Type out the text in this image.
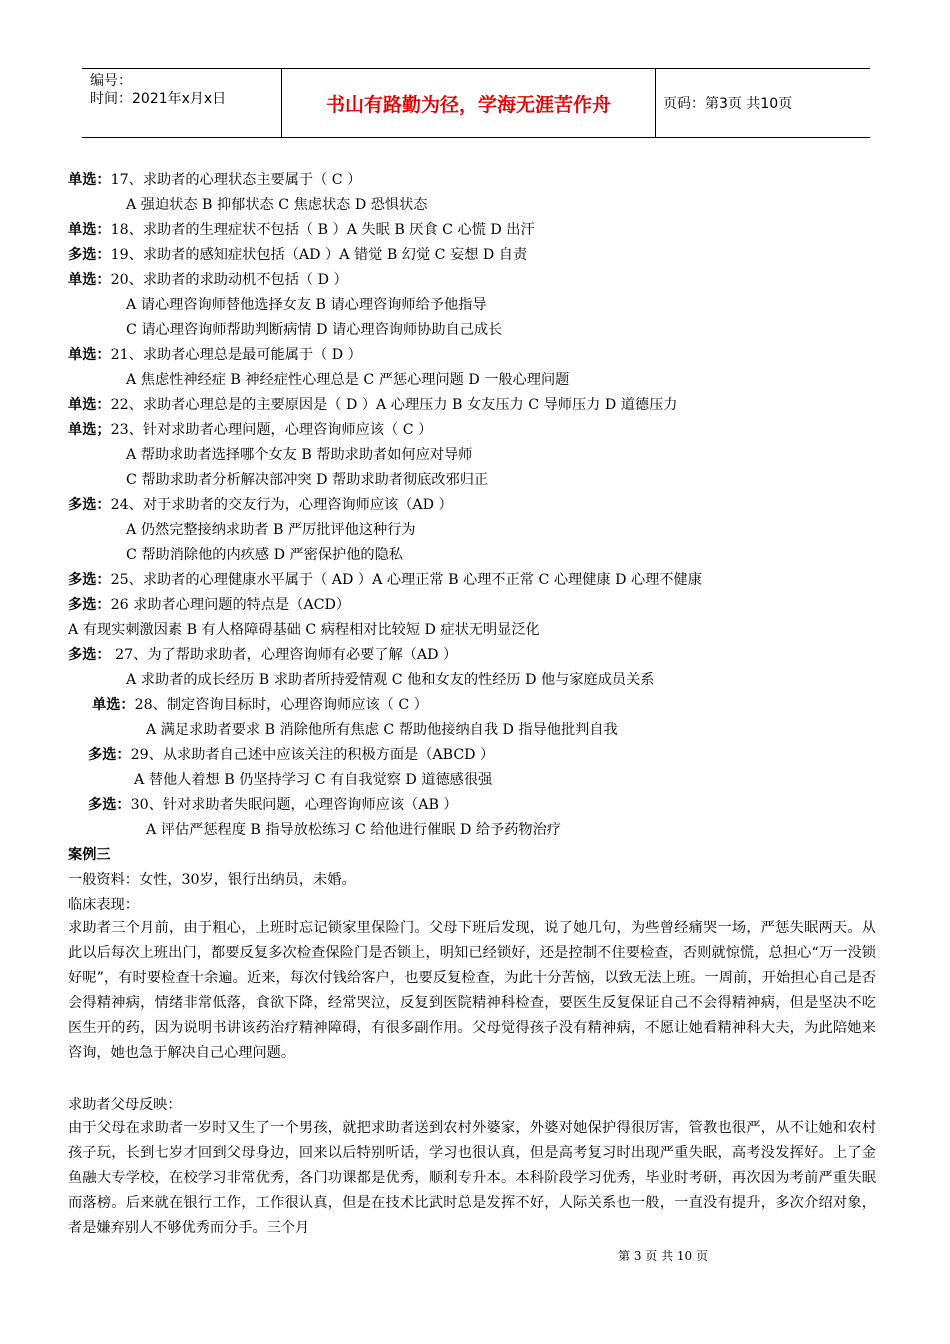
编号：
时间：2021年x月x日	书山有路勤为径，学海无涯苦作舟	页码：第3页 共10页
单选：17、求助者的心理状态主要属于（ C ）
A 强迫状态 B 抑郁状态 C 焦虑状态 D 恐惧状态
单选：18、求助者的生理症状不包括（ B ）A 失眠 B 厌食 C 心慌 D 出汗
多选：19、求助者的感知症状包括（AD ）A 错觉 B 幻觉 C 妄想 D 自责
单选：20、求助者的求助动机不包括（ D ）
A 请心理咨询师替他选择女友 B 请心理咨询师给予他指导
C 请心理咨询师帮助判断病情 D 请心理咨询师协助自己成长
单选：21、求助者心理总是最可能属于（ D ）
A 焦虑性神经症 B 神经症性心理总是 C 严惩心理问题 D 一般心理问题
单选：22、求助者心理总是的主要原因是（ D ）A 心理压力 B 女友压力 C 导师压力 D 道德压力
单选；23、针对求助者心理问题，心理咨询师应该（ C ）
A 帮助求助者选择哪个女友 B 帮助求助者如何应对导师
C 帮助求助者分析解决部冲突 D 帮助求助者彻底改邪归正
多选：24、对于求助者的交友行为，心理咨询师应该（AD ）
A 仍然完整接纳求助者 B 严厉批评他这种行为
C 帮助消除他的内疚感 D 严密保护他的隐私
多选：25、求助者的心理健康水平属于（ AD ）A 心理正常 B 心理不正常 C 心理健康 D 心理不健康
多选：26 求助者心理问题的特点是（ACD）
A 有现实刺激因素 B 有人格障碍基础 C 病程相对比较短 D 症状无明显泛化
多选： 27、为了帮助求助者，心理咨询师有必要了解（AD ）
A 求助者的成长经历 B 求助者所持爱情观 C 他和女友的性经历 D 他与家庭成员关系
单选：28、制定咨询目标时，心理咨询师应该（ C ）
A 满足求助者要求 B 消除他所有焦虑 C 帮助他接纳自我 D 指导他批判自我
多选：29、从求助者自己述中应该关注的积极方面是（ABCD ）
A 替他人着想 B 仍坚持学习 C 有自我觉察 D 道德感很强
多选：30、针对求助者失眠问题，心理咨询师应该（AB ）
A 评估严惩程度 B 指导放松练习 C 给他进行催眠 D 给予药物治疗
案例三
一般资料：女性，30岁，银行出纳员，未婚。
临床表现：
求助者三个月前，由于粗心，上班时忘记锁家里保险门。父母下班后发现，说了她几句，为些曾经痛哭一场，严惩失眠两天。从此以后每次上班出门，都要反复多次检查保险门是否锁上，明知已经锁好，还是控制不住要检查，否则就惊慌，总担心“万一没锁好呢”，有时要检查十余遍。近来，每次付钱给客户，也要反复检查，为此十分苦恼，以致无法上班。一周前，开始担心自己是否会得精神病，情绪非常低落，食欲下降，经常哭泣，反复到医院精神科检查，要医生反复保证自己不会得精神病，但是坚决不吃医生开的药，因为说明书讲该药治疗精神障碍，有很多副作用。父母觉得孩子没有精神病，不愿让她看精神科大夫，为此陪她来咨询，她也急于解决自己心理问题。
求助者父母反映：
由于父母在求助者一岁时又生了一个男孩，就把求助者送到农村外婆家，外婆对她保护得很厉害，管教也很严，从不让她和农村孩子玩，长到七岁才回到父母身边，回来以后特别听话，学习也很认真，但是高考复习时出现严重失眠，高考没发挥好。上了金鱼融大专学校，在校学习非常优秀，各门功课都是优秀，顺利专升本。本科阶段学习优秀，毕业时考研，再次因为考前严重失眠而落榜。后来就在银行工作，工作很认真，但是在技术比武时总是发挥不好，人际关系也一般，一直没有提升，多次介绍对象，者是嫌弃别人不够优秀而分手。三个月
第 3 页 共 10 页
